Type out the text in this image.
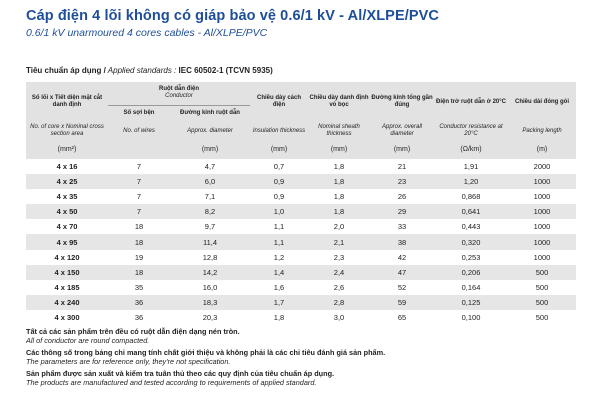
Cáp điện 4 lõi không có giáp bảo vệ 0.6/1 kV - Al/XLPE/PVC
0.6/1 kV unarmoured 4 cores cables - Al/XLPE/PVC
Tiêu chuẩn áp dụng / Applied standards : IEC 60502-1 (TCVN 5935)
Số lõi x Tiết diện mặt cắt danh định	Ruột dẫn điện
Conductor		Chiều dày cách điện	Chiều dày danh định vỏ bọc	Đường kính tổng gần đúng	Điện trở ruột dẫn ở 20°C	Chiều dài đóng gói
	Số sợi bện	Đường kính ruột dẫn					
No. of core x Nominal cross section area	No. of wires	Approx. diameter	Insulation thickness	Nominal sheath thickness	Approx. overall diameter	Conductor resistance at 20°C	Packing length
(mm²)		(mm)	(mm)	(mm)	(mm)	(Ω/km)	(m)
4 x 16	7	4,7	0,7	1,8	21	1,91	2000
4 x 25	7	6,0	0,9	1,8	23	1,20	1000
4 x 35	7	7,1	0,9	1,8	26	0,868	1000
4 x 50	7	8,2	1,0	1,8	29	0,641	1000
4 x 70	18	9,7	1,1	2,0	33	0,443	1000
4 x 95	18	11,4	1,1	2,1	38	0,320	1000
4 x 120	19	12,8	1,2	2,3	42	0,253	1000
4 x 150	18	14,2	1,4	2,4	47	0,206	500
4 x 185	35	16,0	1,6	2,6	52	0,164	500
4 x 240	36	18,3	1,7	2,8	59	0,125	500
4 x 300	36	20,3	1,8	3,0	65	0,100	500
Tất cả các sản phẩm trên đều có ruột dẫn điện dạng nén tròn.
All of conductor are round compacted.
Các thông số trong bảng chỉ mang tính chất giới thiệu và không phải là các chỉ tiêu đánh giá sản phẩm.
The parameters are for reference only, they're not specification.
Sản phẩm được sản xuất và kiểm tra tuân thủ theo các quy định của tiêu chuẩn áp dụng.
The products are manufactured and tested according to requirements of applied standard.
